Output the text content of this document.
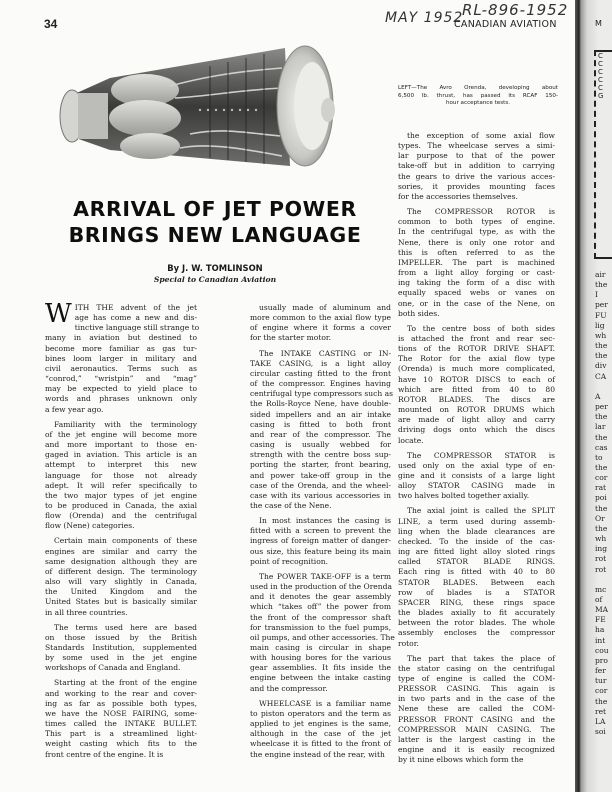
34
RL-896-1952
MAY 1952
CANADIAN AVIATION
LEFT—The Avro Orenda, developing about
6,500 lb. thrust, has passed its RCAF 150-
hour acceptance tests.
ARRIVAL OF JET POWER
BRINGS NEW LANGUAGE
By J. W. TOMLINSON
Special to Canadian Aviation

W ITH THE advent of the jet
age has come a new and dis-
tinctive language still strange to
many in aviation but destined to
become more familiar as gas tur-
bines loom larger in military and
civil aeronautics. Terms such as
“conrod,” “wristpin” and “mag”
may be expected to yield place to
words and phrases unknown only
a few year ago.

Familiarity with the terminology
of the jet engine will become more
and more important to those en-
gaged in aviation. This article is an
attempt to interpret this new
language for those not already
adept. It will refer specifically to
the two major types of jet engine
to be produced in Canada, the axial
flow (Orenda) and the centrifugal
flow (Nene) categories.

Certain main components of these
engines are similar and carry the
same designation although they are
of different design. The terminology
also will vary slightly in Canada,
the United Kingdom and the
United States but is basically similar
in all three countries.

The terms used here are based
on those issued by the British
Standards Institution, supplemented
by some used in the jet engine
workshops of Canada and England.

Starting at the front of the engine
and working to the rear and cover-
ing as far as possible both types,
we have the NOSE FAIRING, some-
times called the INTAKE BULLET.
This part is a streamlined light-
weight casting which fits to the
front centre of the engine. It is

usually made of aluminum and
more common to the axial flow type
of engine where it forms a cover
for the starter motor.

The INTAKE CASTING or IN-
TAKE CASING, is a light alloy
circular casting fitted to the front
of the compressor. Engines having
centrifugal type compressors such as
the Rolls-Royce Nene, have double-
sided impellers and an air intake
casing is fitted to both front
and rear of the compressor. The
casing is usually webbed for
strength with the centre boss sup-
porting the starter, front bearing,
and power take-off group in the
case of the Orenda, and the wheel-
case with its various accessories in
the case of the Nene.

In most instances the casing is
fitted with a screen to prevent the
ingress of foreign matter of danger-
ous size, this feature being its main
point of recognition.

The POWER TAKE-OFF is a term
used in the production of the Orenda
and it denotes the gear assembly
which “takes off” the power from
the front of the compressor shaft
for transmission to the fuel pumps,
oil pumps, and other accessories. The
main casing is circular in shape
with housing bores for the various
gear assemblies. It fits inside the
engine between the intake casting
and the compressor.

WHEELCASE is a familiar name
to piston operators and the term as
applied to jet engines is the same,
although in the case of the jet
wheelcase it is fitted to the front of
the engine instead of the rear, with

the exception of some axial flow
types. The wheelcase serves a simi-
lar purpose to that of the power
take-off but in addition to carrying
the gears to drive the various acces-
sories, it provides mounting faces
for the accessories themselves.

The COMPRESSOR ROTOR is
common to both types of engine.
In the centrifugal type, as with the
Nene, there is only one rotor and
this is often referred to as the
IMPELLER. The part is machined
from a light alloy forging or cast-
ing taking the form of a disc with
equally spaced webs or vanes on
one, or in the case of the Nene, on
both sides.

To the centre boss of both sides
is attached the front and rear sec-
tions of the ROTOR DRIVE SHAFT.
The Rotor for the axial flow type
(Orenda) is much more complicated,
have 10 ROTOR DISCS to each of
which are fitted from 40 to 80
ROTOR BLADES. The discs are
mounted on ROTOR DRUMS which
are made of light alloy and carry
driving dogs onto which the discs
locate.

The COMPRESSOR STATOR is
used only on the axial type of en-
gine and it consists of a large light
alloy STATOR CASING made in
two halves bolted together axially.

The axial joint is called the SPLIT
LINE, a term used during assemb-
ling when the blade clearances are
checked. To the inside of the cas-
ing are fitted light alloy sloted rings
called STATOR BLADE RINGS.
Each ring is fitted with 40 to 80
STATOR BLADES. Between each
row of blades is a STATOR
SPACER RING, these rings space
the blades axially to fit accurately
between the rotor blades. The whole
assembly encloses the compressor
rotor.

The part that takes the place of
the stator casing on the centrifugal
type of engine is called the COM-
PRESSOR CASING. This again is
in two parts and in the case of the
Nene these are called the COM-
PRESSOR FRONT CASING and the
COMPRESSOR MAIN CASING. The
latter is the largest casting in the
engine and it is easily recognized
by it nine elbows which form the

M
C
C
C
C
C
G
air
the
I
per
FU
lig
wh
the
the
div
CA

A
per
the
lar
the
cas
to
the
cor
rat
poi
the
Or
the
wh
ing
rot
rot

mc
of
MA
FE
ha
int
cou
pro
fer
tur
cor
the
ret
LA
soi
